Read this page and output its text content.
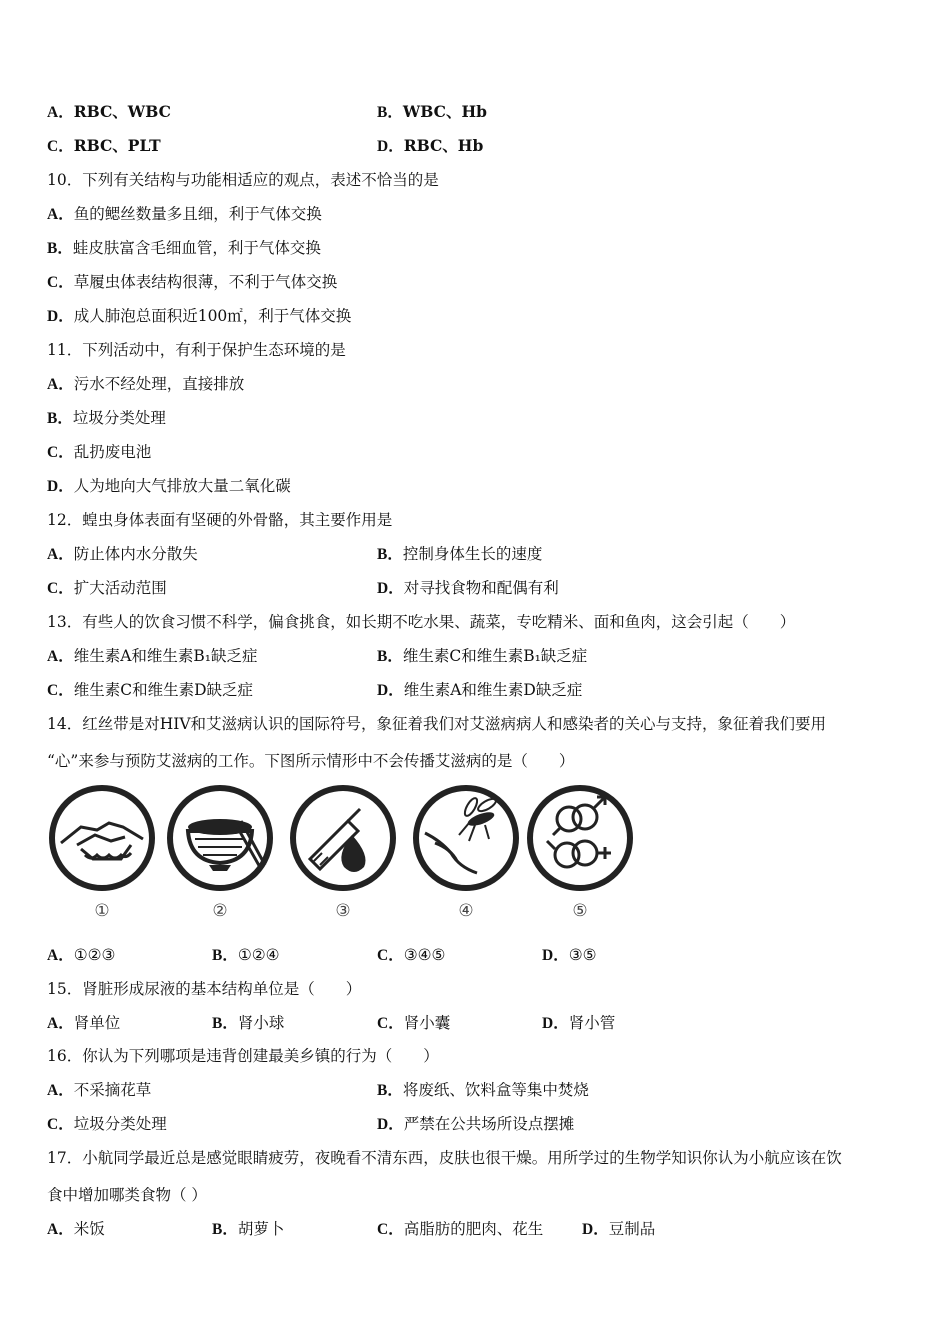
A．RBC、WBC	B．WBC、Hb
C．RBC、PLT	D．RBC、Hb
10．下列有关结构与功能相适应的观点，表述不恰当的是
A．鱼的鳃丝数量多且细，利于气体交换
B．蛙皮肤富含毛细血管，利于气体交换
C．草履虫体表结构很薄，不利于气体交换
D．成人肺泡总面积近100㎡，利于气体交换
11．下列活动中，有利于保护生态环境的是
A．污水不经处理，直接排放
B．垃圾分类处理
C．乱扔废电池
D．人为地向大气排放大量二氧化碳
12．蝗虫身体表面有坚硬的外骨骼，其主要作用是
A．防止体内水分散失	B．控制身体生长的速度
C．扩大活动范围	D．对寻找食物和配偶有利
13．有些人的饮食习惯不科学，偏食挑食，如长期不吃水果、蔬菜，专吃精米、面和鱼肉，这会引起（　　）
A．维生素A和维生素B₁缺乏症	B．维生素C和维生素B₁缺乏症
C．维生素C和维生素D缺乏症	D．维生素A和维生素D缺乏症
14．红丝带是对HIV和艾滋病认识的国际符号，象征着我们对艾滋病病人和感染者的关心与支持，象征着我们要用
“心”来参与预防艾滋病的工作。下图所示情形中不会传播艾滋病的是（　　）
①	②	③	④	⑤
A．①②③	B．①②④	C．③④⑤	D．③⑤
15．肾脏形成尿液的基本结构单位是（　　）
A．肾单位	B．肾小球	C．肾小囊	D．肾小管
16．你认为下列哪项是违背创建最美乡镇的行为（　　）
A．不采摘花草	B．将废纸、饮料盒等集中焚烧
C．垃圾分类处理	D．严禁在公共场所设点摆摊
17．小航同学最近总是感觉眼睛疲劳，夜晚看不清东西，皮肤也很干燥。用所学过的生物学知识你认为小航应该在饮
食中增加哪类食物（ ）
A．米饭	B．胡萝卜	C．高脂肪的肥肉、花生	D．豆制品
